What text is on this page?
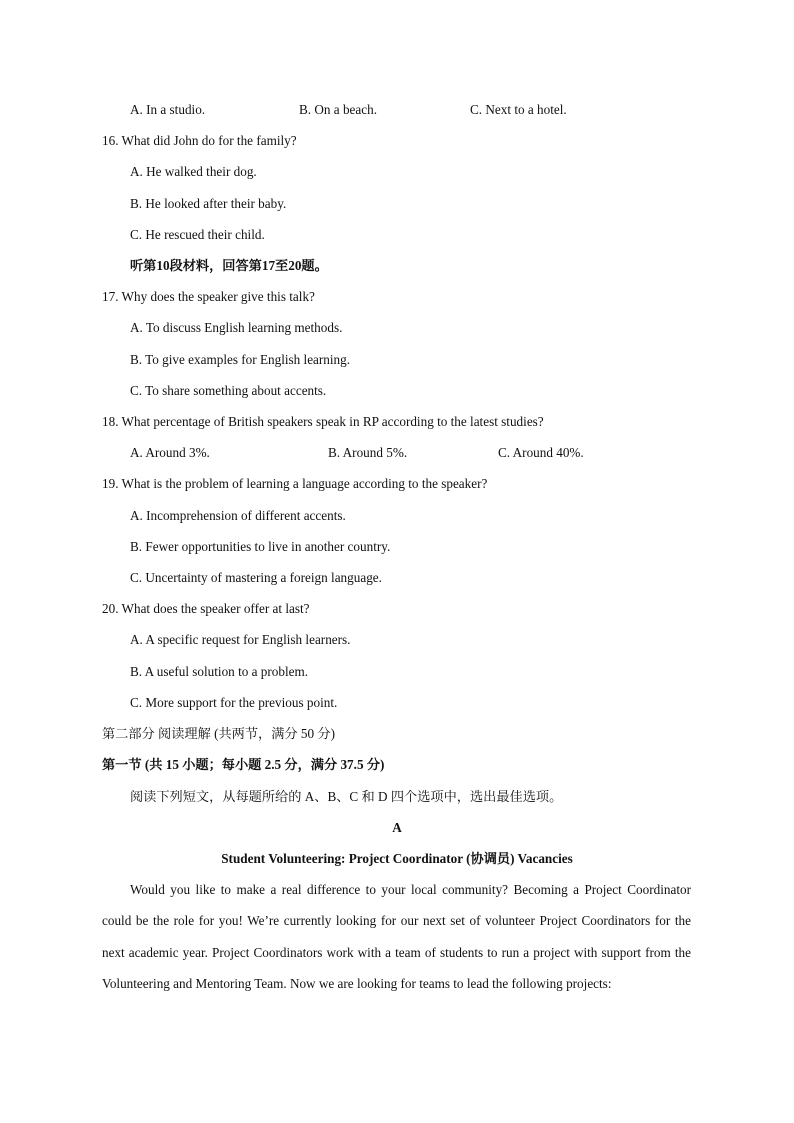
A. In a studio.	B. On a beach.	C. Next to a hotel.
16. What did John do for the family?
A. He walked their dog.
B. He looked after their baby.
C. He rescued their child.
听第10段材料，回答第17至20题。
17. Why does the speaker give this talk?
A. To discuss English learning methods.
B. To give examples for English learning.
C. To share something about accents.
18. What percentage of British speakers speak in RP according to the latest studies?
A. Around 3%.	B. Around 5%.	C. Around 40%.
19. What is the problem of learning a language according to the speaker?
A. Incomprehension of different accents.
B. Fewer opportunities to live in another country.
C. Uncertainty of mastering a foreign language.
20. What does the speaker offer at last?
A. A specific request for English learners.
B. A useful solution to a problem.
C. More support for the previous point.
第二部分 阅读理解 (共两节，满分 50 分)
第一节 (共 15 小题；每小题 2.5 分，满分 37.5 分)
阅读下列短文，从每题所给的 A、B、C 和 D 四个选项中，选出最佳选项。
A
Student Volunteering: Project Coordinator (协调员) Vacancies
Would you like to make a real difference to your local community? Becoming a Project Coordinator could be the role for you! We’re currently looking for our next set of volunteer Project Coordinators for the next academic year. Project Coordinators work with a team of students to run a project with support from the Volunteering and Mentoring Team. Now we are looking for teams to lead the following projects:
